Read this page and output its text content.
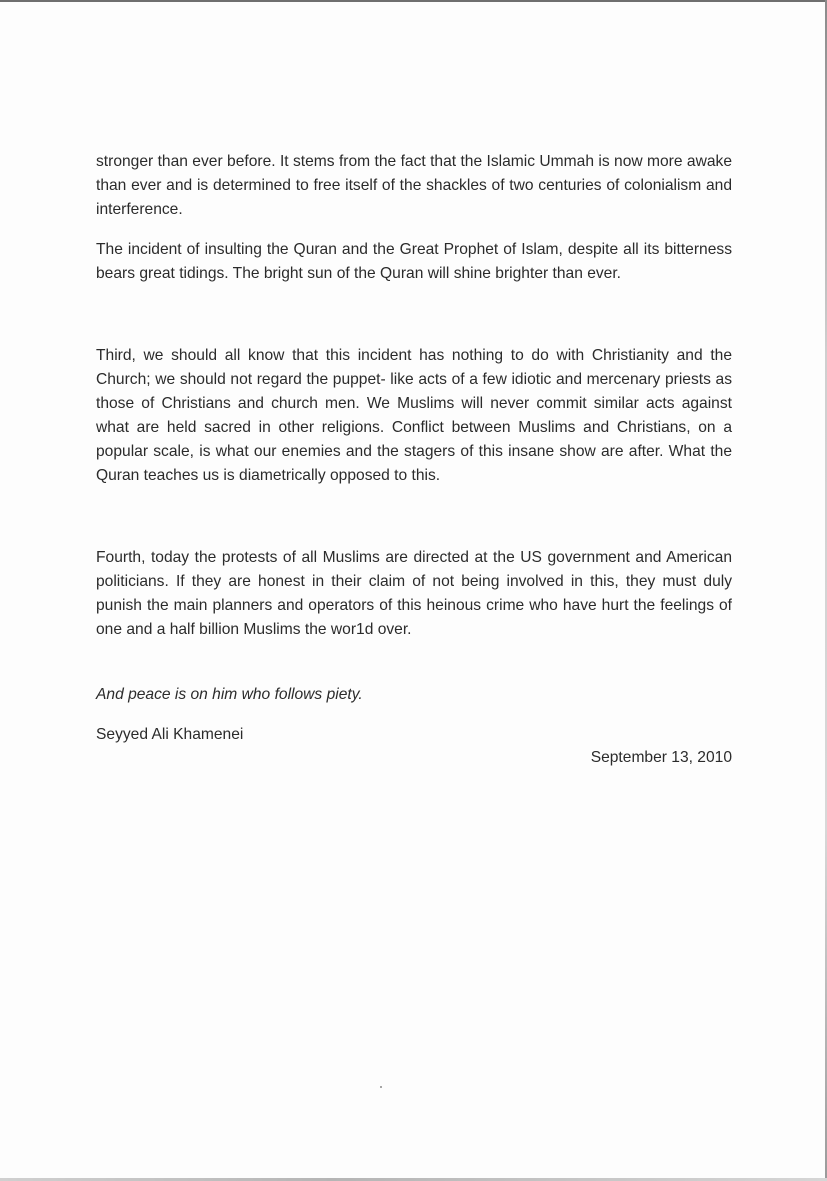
stronger than ever before. It stems from the fact that the Islamic Ummah is now more awake than ever and is determined to free itself of the shackles of two centuries of colonialism and interference.

The incident of insulting the Quran and the Great Prophet of Islam, despite all its bitterness bears great tidings. The bright sun of the Quran will shine brighter than ever.

Third, we should all know that this incident has nothing to do with Christianity and the Church; we should not regard the puppet- like acts of a few idiotic and mercenary priests as those of Christians and church men. We Muslims will never commit similar acts against what are held sacred in other religions. Conflict between Muslims and Christians, on a popular scale, is what our enemies and the stagers of this insane show are after. What the Quran teaches us is diametrically opposed to this.

Fourth, today the protests of all Muslims are directed at the US government and American politicians. If they are honest in their claim of not being involved in this, they must duly punish the main planners and operators of this heinous crime who have hurt the feelings of one and a half billion Muslims the wor1d over.

And peace is on him who follows piety.

Seyyed Ali Khamenei

September 13, 2010
